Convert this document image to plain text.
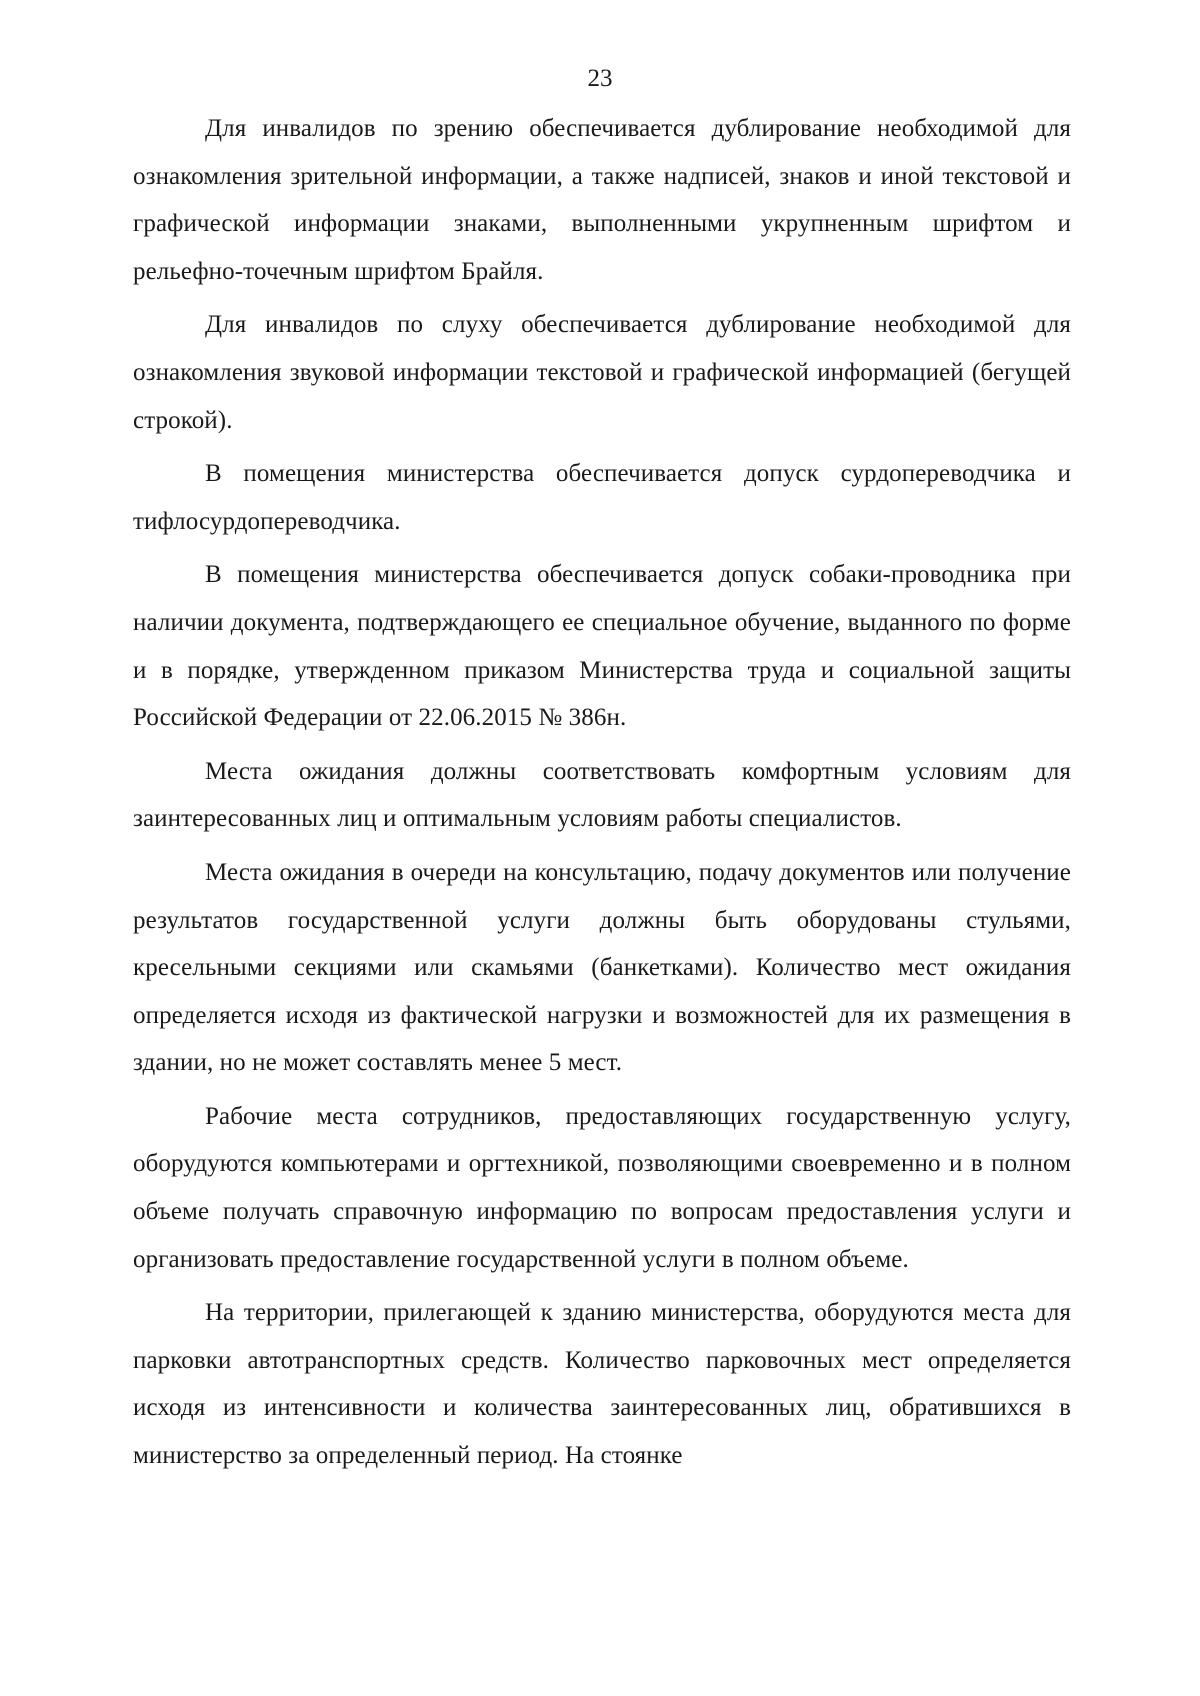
23

Для инвалидов по зрению обеспечивается дублирование необходимой для ознакомления зрительной информации, а также надписей, знаков и иной текстовой и графической информации знаками, выполненными укрупненным шрифтом и рельефно-точечным шрифтом Брайля.

Для инвалидов по слуху обеспечивается дублирование необходимой для ознакомления звуковой информации текстовой и графической информацией (бегущей строкой).

В помещения министерства обеспечивается допуск сурдопереводчика и тифлосурдопереводчика.

В помещения министерства обеспечивается допуск собаки-проводника при наличии документа, подтверждающего ее специальное обучение, выданного по форме и в порядке, утвержденном приказом Министерства труда и социальной защиты Российской Федерации от 22.06.2015 № 386н.

Места ожидания должны соответствовать комфортным условиям для заинтересованных лиц и оптимальным условиям работы специалистов.

Места ожидания в очереди на консультацию, подачу документов или получение результатов государственной услуги должны быть оборудованы стульями, кресельными секциями или скамьями (банкетками). Количество мест ожидания определяется исходя из фактической нагрузки и возможностей для их размещения в здании, но не может составлять менее 5 мест.

Рабочие места сотрудников, предоставляющих государственную услугу, оборудуются компьютерами и оргтехникой, позволяющими своевременно и в полном объеме получать справочную информацию по вопросам предоставления услуги и организовать предоставление государственной услуги в полном объеме.

На территории, прилегающей к зданию министерства, оборудуются места для парковки автотранспортных средств. Количество парковочных мест определяется исходя из интенсивности и количества заинтересованных лиц, обратившихся в министерство за определенный период. На стоянке
